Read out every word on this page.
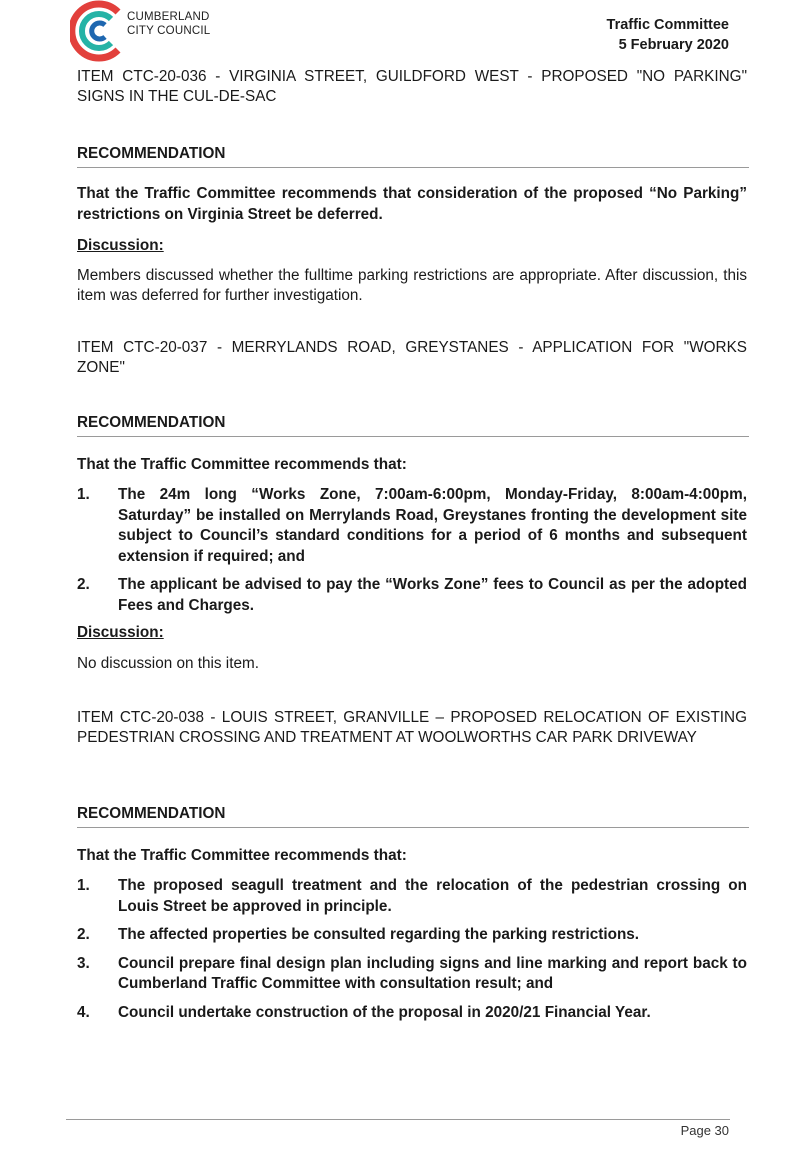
CUMBERLAND
CITY COUNCIL	Traffic Committee
5 February 2020
ITEM CTC-20-036 - VIRGINIA STREET, GUILDFORD WEST - PROPOSED "NO PARKING" SIGNS IN THE CUL-DE-SAC
RECOMMENDATION
That the Traffic Committee recommends that consideration of the proposed “No Parking” restrictions on Virginia Street be deferred.
Discussion:
Members discussed whether the fulltime parking restrictions are appropriate. After discussion, this item was deferred for further investigation.
ITEM CTC-20-037 - MERRYLANDS ROAD, GREYSTANES - APPLICATION FOR "WORKS ZONE"
RECOMMENDATION
That the Traffic Committee recommends that:
1. The 24m long “Works Zone, 7:00am-6:00pm, Monday-Friday, 8:00am-4:00pm, Saturday” be installed on Merrylands Road, Greystanes fronting the development site subject to Council’s standard conditions for a period of 6 months and subsequent extension if required; and
2. The applicant be advised to pay the “Works Zone” fees to Council as per the adopted Fees and Charges.
Discussion:
No discussion on this item.
ITEM CTC-20-038 - LOUIS STREET, GRANVILLE – PROPOSED RELOCATION OF EXISTING PEDESTRIAN CROSSING AND TREATMENT AT WOOLWORTHS CAR PARK DRIVEWAY
RECOMMENDATION
That the Traffic Committee recommends that:
1. The proposed seagull treatment and the relocation of the pedestrian crossing on Louis Street be approved in principle.
2. The affected properties be consulted regarding the parking restrictions.
3. Council prepare final design plan including signs and line marking and report back to Cumberland Traffic Committee with consultation result; and
4. Council undertake construction of the proposal in 2020/21 Financial Year.
Page 30
